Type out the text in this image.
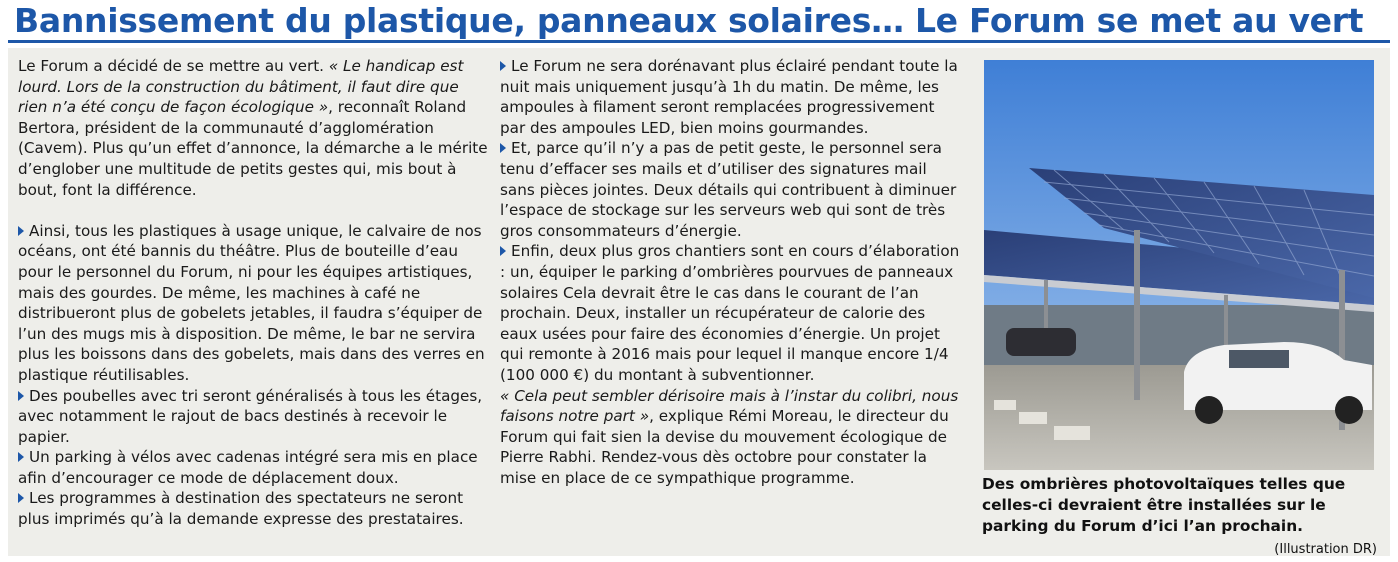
Bannissement du plastique, panneaux solaires… Le Forum se met au vert

Le Forum a décidé de se mettre au vert. « Le handicap est lourd. Lors de la construction du bâtiment, il faut dire que rien n’a été conçu de façon écologique », reconnaît Roland Bertora, président de la communauté d’agglomération (Cavem). Plus qu’un effet d’annonce, la démarche a le mérite d’englober une multitude de petits gestes qui, mis bout à bout, font la différence.

Ainsi, tous les plastiques à usage unique, le calvaire de nos océans, ont été bannis du théâtre. Plus de bouteille d’eau pour le personnel du Forum, ni pour les équipes artistiques, mais des gourdes. De même, les machines à café ne distribueront plus de gobelets jetables, il faudra s’équiper de l’un des mugs mis à disposition. De même, le bar ne servira plus les boissons dans des gobelets, mais dans des verres en plastique réutilisables.

Des poubelles avec tri seront généralisés à tous les étages, avec notamment le rajout de bacs destinés à recevoir le papier.

Un parking à vélos avec cadenas intégré sera mis en place afin d’encourager ce mode de déplacement doux.

Les programmes à destination des spectateurs ne seront plus imprimés qu’à la demande expresse des prestataires.

Le Forum ne sera dorénavant plus éclairé pendant toute la nuit mais uniquement jusqu’à 1h du matin. De même, les ampoules à filament seront remplacées progressivement par des ampoules LED, bien moins gourmandes.

Et, parce qu’il n’y a pas de petit geste, le personnel sera tenu d’effacer ses mails et d’utiliser des signatures mail sans pièces jointes. Deux détails qui contribuent à diminuer l’espace de stockage sur les serveurs web qui sont de très gros consommateurs d’énergie.

Enfin, deux plus gros chantiers sont en cours d’élaboration : un, équiper le parking d’ombrières pourvues de panneaux solaires Cela devrait être le cas dans le courant de l’an prochain. Deux, installer un récupérateur de calorie des eaux usées pour faire des économies d’énergie. Un projet qui remonte à 2016 mais pour lequel il manque encore 1/4 (100 000 €) du montant à subventionner.

« Cela peut sembler dérisoire mais à l’instar du colibri, nous faisons notre part », explique Rémi Moreau, le directeur du Forum qui fait sien la devise du mouvement écologique de Pierre Rabhi. Rendez-vous dès octobre pour constater la mise en place de ce sympathique programme.	Des ombrières photovoltaïques telles que celles-ci devraient être installées sur le parking du Forum d’ici l’an prochain.
(Illustration DR)
